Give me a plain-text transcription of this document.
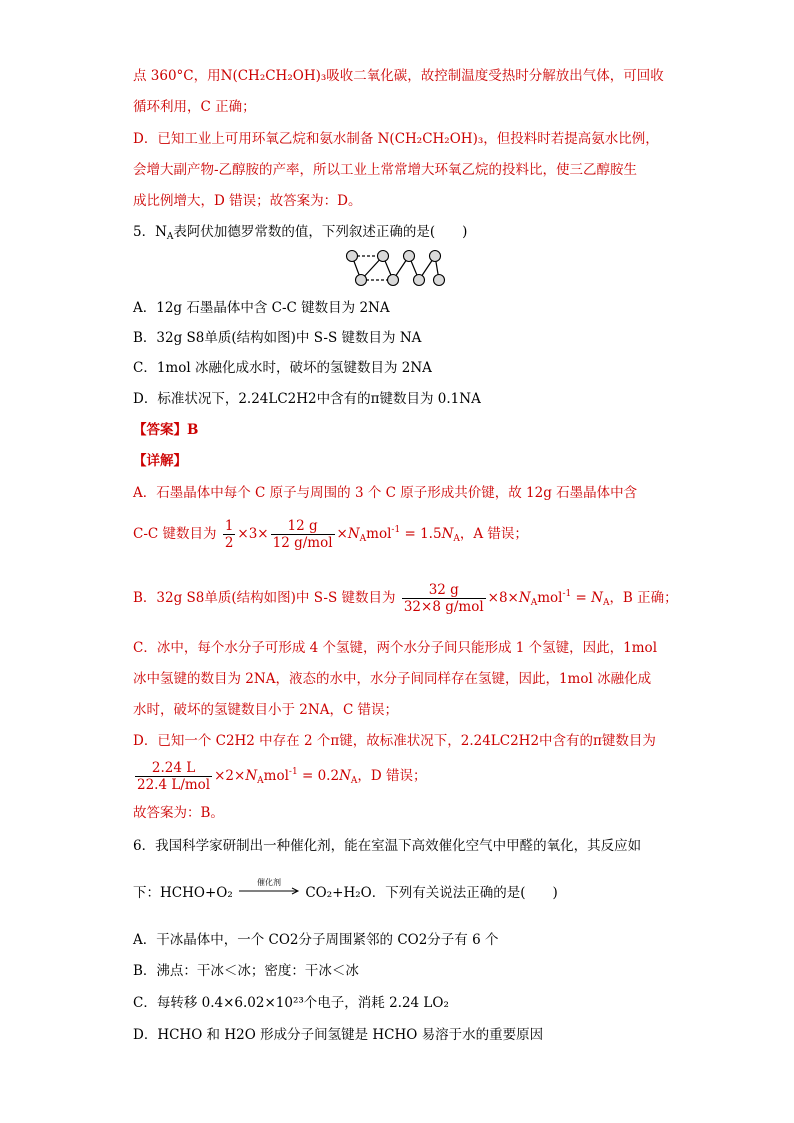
点 360°C，用N(CH₂CH₂OH)₃吸收二氧化碳，故控制温度受热时分解放出气体，可回收
循环利用，C 正确；
D．已知工业上可用环氧乙烷和氨水制备 N(CH₂CH₂OH)₃，但投料时若提高氨水比例，
会增大副产物-乙醇胺的产率，所以工业上常常增大环氧乙烷的投料比，使三乙醇胺生
成比例增大，D 错误；故答案为：D。
5．$N_A$表阿伏加德罗常数的值，下列叙述正确的是(　　)
A．12g 石墨晶体中含 C-C 键数目为 2NA
B．32g S8单质(结构如图)中 S-S 键数目为 NA
C．1mol 冰融化成水时，破坏的氢键数目为 2NA
D．标准状况下，2.24LC2H2中含有的π键数目为 0.1NA
【答案】B
【详解】
A．石墨晶体中每个 C 原子与周围的 3 个 C 原子形成共价键，故 12g 石墨晶体中含
C-C 键数目为 $\frac{1}{2} \times 3\times \frac{12 g}{\text{12 g/mol}} \times N_Amol^{-1} = 1.5N_A$，A 错误；
B．32g S8单质(结构如图)中 S-S 键数目为 $\frac{32 g}{\text{32×8 g/mol}} \times 8\times N_Amol^{-1} = N_A$，B 正确；
C．冰中，每个水分子可形成 4 个氢键，两个水分子间只能形成 1 个氢键，因此，1mol
冰中氢键的数目为 2NA，液态的水中，水分子间同样存在氢键，因此，1mol 冰融化成
水时，破坏的氢键数目小于 2NA，C 错误；
D．已知一个 C2H2 中存在 2 个π键，故标准状况下，2.24LC2H2中含有的π键数目为
$\frac{2.24 L}{\text{22.4 L/mol}} \times 2\times N_Amol^{-1} = 0.2N_A$，D 错误；
故答案为：B。
6．我国科学家研制出一种催化剂，能在室温下高效催化空气中甲醛的氧化，其反应如
下：HCHO+O₂
催化剂
CO₂+H₂O．下列有关说法正确的是(　　)
A．干冰晶体中，一个 CO2分子周围紧邻的 CO2分子有 6 个
B．沸点：干冰＜冰；密度：干冰＜冰
C．每转移 0.4×6.02×10²³个电子，消耗 2.24 LO₂
D．HCHO 和 H2O 形成分子间氢键是 HCHO 易溶于水的重要原因
